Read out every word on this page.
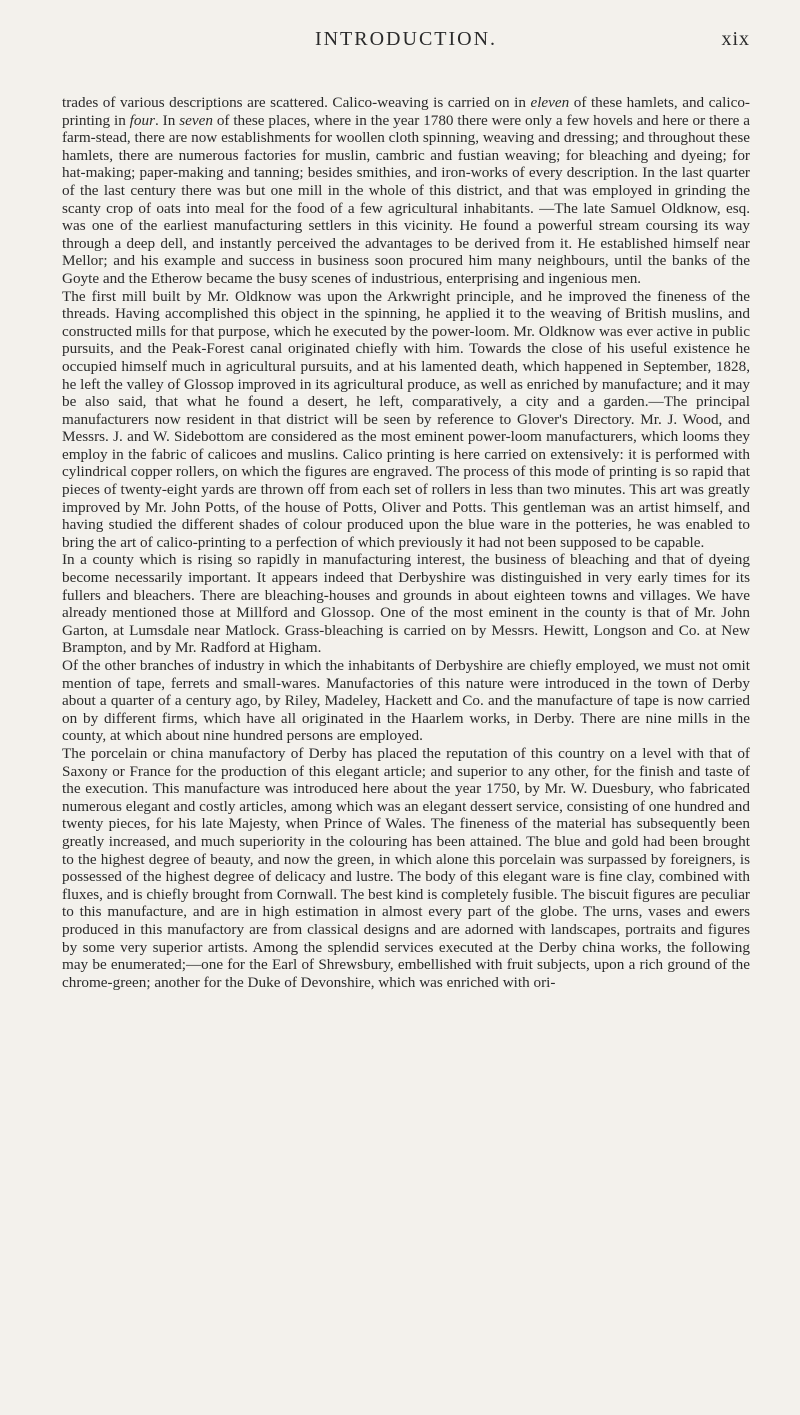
INTRODUCTION.	xix

trades of various descriptions are scattered. Calico-weaving is carried on in eleven of these hamlets, and calico-printing in four. In seven of these places, where in the year 1780 there were only a few hovels and here or there a farm-stead, there are now establishments for woollen cloth spinning, weaving and dressing; and throughout these hamlets, there are numerous factories for muslin, cambric and fustian weaving; for bleaching and dyeing; for hat-making; paper-making and tanning; besides smithies, and iron-works of every description. In the last quarter of the last century there was but one mill in the whole of this district, and that was employed in grinding the scanty crop of oats into meal for the food of a few agricultural inhabitants. —The late Samuel Oldknow, esq. was one of the earliest manufacturing settlers in this vicinity. He found a powerful stream coursing its way through a deep dell, and instantly perceived the advantages to be derived from it. He established himself near Mellor; and his example and success in business soon procured him many neighbours, until the banks of the Goyte and the Etherow became the busy scenes of industrious, enterprising and ingenious men.

The first mill built by Mr. Oldknow was upon the Arkwright principle, and he improved the fineness of the threads. Having accomplished this object in the spinning, he applied it to the weaving of British muslins, and constructed mills for that purpose, which he executed by the power-loom. Mr. Oldknow was ever active in public pursuits, and the Peak-Forest canal originated chiefly with him. Towards the close of his useful existence he occupied himself much in agricultural pursuits, and at his lamented death, which happened in September, 1828, he left the valley of Glossop improved in its agricultural produce, as well as enriched by manufacture; and it may be also said, that what he found a desert, he left, comparatively, a city and a garden.—The principal manufacturers now resident in that district will be seen by reference to Glover's Directory. Mr. J. Wood, and Messrs. J. and W. Sidebottom are considered as the most eminent power-loom manufacturers, which looms they employ in the fabric of calicoes and muslins. Calico printing is here carried on extensively: it is performed with cylindrical copper rollers, on which the figures are engraved. The process of this mode of printing is so rapid that pieces of twenty-eight yards are thrown off from each set of rollers in less than two minutes. This art was greatly improved by Mr. John Potts, of the house of Potts, Oliver and Potts. This gentleman was an artist himself, and having studied the different shades of colour produced upon the blue ware in the potteries, he was enabled to bring the art of calico-printing to a perfection of which previously it had not been supposed to be capable.

In a county which is rising so rapidly in manufacturing interest, the business of bleaching and that of dyeing become necessarily important. It appears indeed that Derbyshire was distinguished in very early times for its fullers and bleachers. There are bleaching-houses and grounds in about eighteen towns and villages. We have already mentioned those at Millford and Glossop. One of the most eminent in the county is that of Mr. John Garton, at Lumsdale near Matlock. Grass-bleaching is carried on by Messrs. Hewitt, Longson and Co. at New Brampton, and by Mr. Radford at Higham.

Of the other branches of industry in which the inhabitants of Derbyshire are chiefly employed, we must not omit mention of tape, ferrets and small-wares. Manufactories of this nature were introduced in the town of Derby about a quarter of a century ago, by Riley, Madeley, Hackett and Co. and the manufacture of tape is now carried on by different firms, which have all originated in the Haarlem works, in Derby. There are nine mills in the county, at which about nine hundred persons are employed.

The porcelain or china manufactory of Derby has placed the reputation of this country on a level with that of Saxony or France for the production of this elegant article; and superior to any other, for the finish and taste of the execution. This manufacture was introduced here about the year 1750, by Mr. W. Duesbury, who fabricated numerous elegant and costly articles, among which was an elegant dessert service, consisting of one hundred and twenty pieces, for his late Majesty, when Prince of Wales. The fineness of the material has subsequently been greatly increased, and much superiority in the colouring has been attained. The blue and gold had been brought to the highest degree of beauty, and now the green, in which alone this porcelain was surpassed by foreigners, is possessed of the highest degree of delicacy and lustre. The body of this elegant ware is fine clay, combined with fluxes, and is chiefly brought from Cornwall. The best kind is completely fusible. The biscuit figures are peculiar to this manufacture, and are in high estimation in almost every part of the globe. The urns, vases and ewers produced in this manufactory are from classical designs and are adorned with landscapes, portraits and figures by some very superior artists. Among the splendid services executed at the Derby china works, the following may be enumerated;—one for the Earl of Shrewsbury, embellished with fruit subjects, upon a rich ground of the chrome-green; another for the Duke of Devonshire, which was enriched with ori-
